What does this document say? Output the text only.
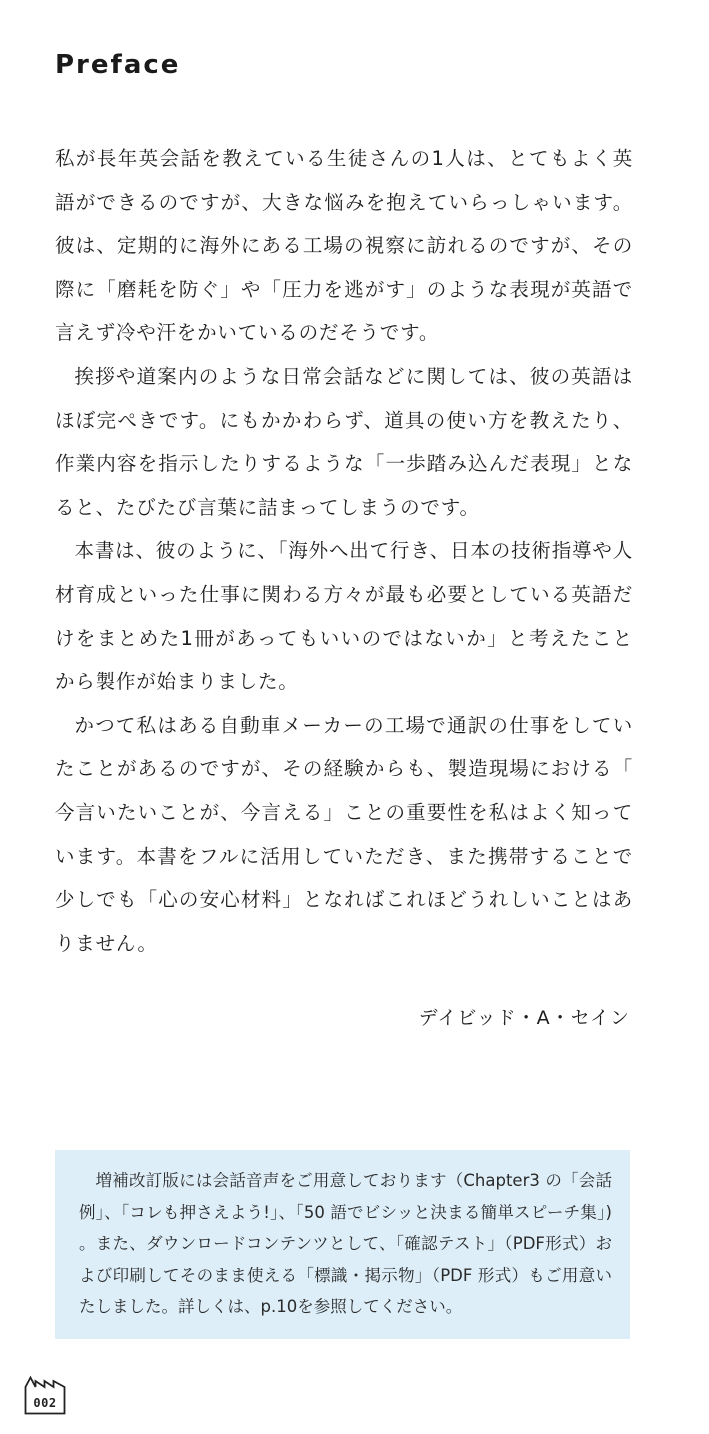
Preface

私が長年英会話を教えている生徒さんの1人は、とてもよく英語ができるのですが、大きな悩みを抱えていらっしゃいます。彼は、定期的に海外にある工場の視察に訪れるのですが、その際に「磨耗を防ぐ」や「圧力を逃がす」のような表現が英語で言えず冷や汗をかいているのだそうです。

挨拶や道案内のような日常会話などに関しては、彼の英語はほぼ完ぺきです。にもかかわらず、道具の使い方を教えたり、作業内容を指示したりするような「一歩踏み込んだ表現」となると、たびたび言葉に詰まってしまうのです。

本書は、彼のように、「海外へ出て行き、日本の技術指導や人材育成といった仕事に関わる方々が最も必要としている英語だけをまとめた1冊があってもいいのではないか」と考えたことから製作が始まりました。

かつて私はある自動車メーカーの工場で通訳の仕事をしていたことがあるのですが、その経験からも、製造現場における「今言いたいことが、今言える」ことの重要性を私はよく知っています。本書をフルに活用していただき、また携帯することで少しでも「心の安心材料」となればこれほどうれしいことはありません。

デイビッド・A・セイン

増補改訂版には会話音声をご用意しております（Chapter3 の「会話例」、「コレも押さえよう!」、「50 語でビシッと決まる簡単スピーチ集」)。また、ダウンロードコンテンツとして、「確認テスト」（PDF形式）および印刷してそのまま使える「標識・掲示物」（PDF 形式）もご用意いたしました。詳しくは、p.10を参照してください。

002
